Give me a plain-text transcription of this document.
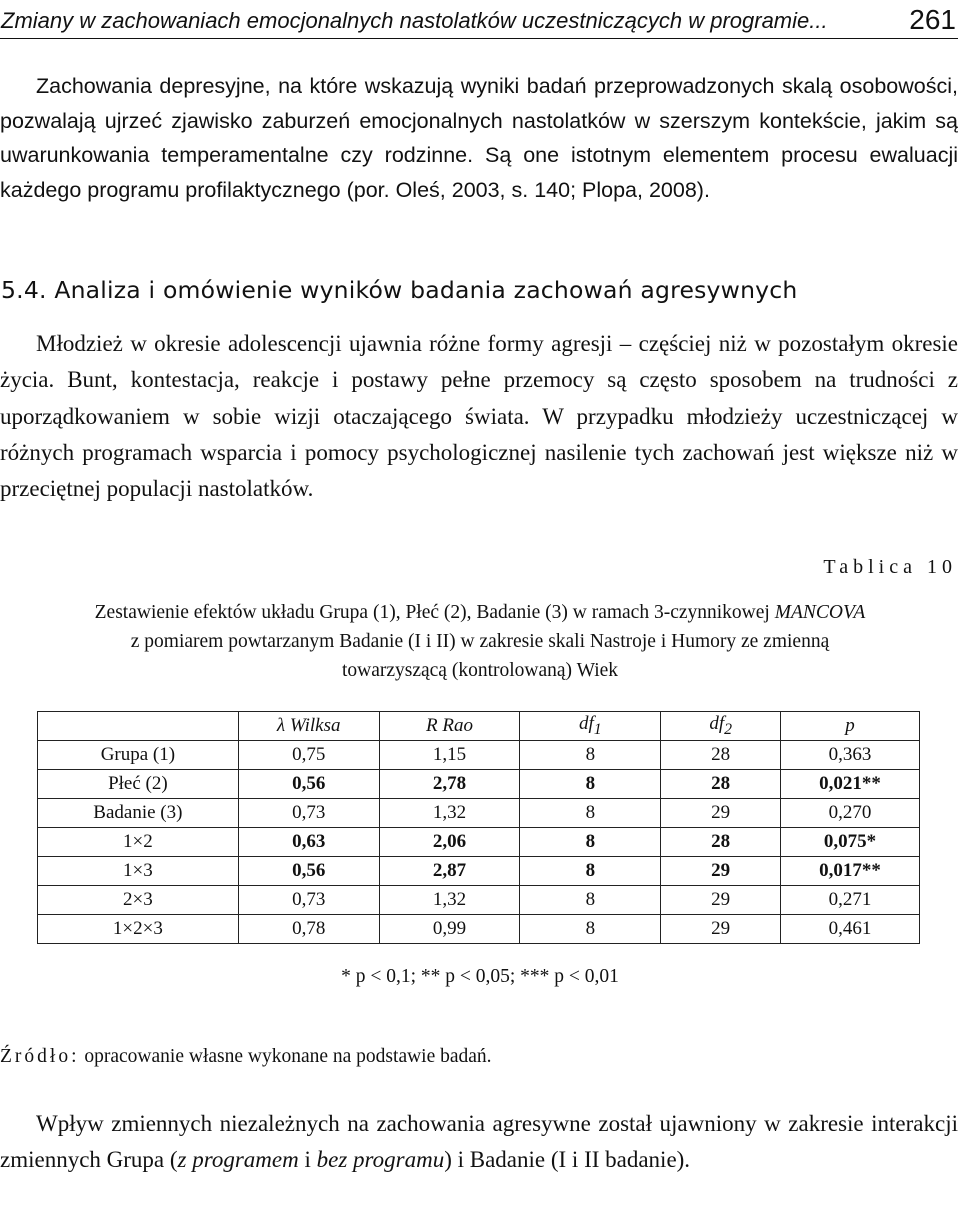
Zmiany w zachowaniach emocjonalnych nastolatków uczestniczących w programie...	261

Zachowania depresyjne, na które wskazują wyniki badań przeprowadzonych skalą osobowości, pozwalają ujrzeć zjawisko zaburzeń emocjonalnych nastolatków w szerszym kontekście, jakim są uwarunkowania temperamentalne czy rodzinne. Są one istotnym elementem procesu ewaluacji każdego programu profilaktycznego (por. Oleś, 2003, s. 140; Plopa, 2008).

5.4. Analiza i omówienie wyników badania zachowań agresywnych

Młodzież w okresie adolescencji ujawnia różne formy agresji – częściej niż w pozostałym okresie życia. Bunt, kontestacja, reakcje i postawy pełne przemocy są często sposobem na trudności z uporządkowaniem w sobie wizji otaczającego świata. W przypadku młodzieży uczestniczącej w różnych programach wsparcia i pomocy psychologicznej nasilenie tych zachowań jest większe niż w przeciętnej populacji nastolatków.

Tablica 10

Zestawienie efektów układu Grupa (1), Płeć (2), Badanie (3) w ramach 3-czynnikowej MANCOVA

z pomiarem powtarzanym Badanie (I i II) w zakresie skali Nastroje i Humory ze zmienną

towarzyszącą (kontrolowaną) Wiek

	λ Wilksa	R Rao	$df_1$	$df_2$	p
Grupa (1)	0,75	1,15	8	28	0,363
Płeć (2)	0,56	2,78	8	28	0,021**
Badanie (3)	0,73	1,32	8	29	0,270
1×2	0,63	2,06	8	28	0,075*
1×3	0,56	2,87	8	29	0,017**
2×3	0,73	1,32	8	29	0,271
1×2×3	0,78	0,99	8	29	0,461
* p < 0,1; ** p < 0,05; *** p < 0,01
Źródło: opracowanie własne wykonane na podstawie badań.

Wpływ zmiennych niezależnych na zachowania agresywne został ujawniony w zakresie interakcji zmiennych Grupa (z programem i bez programu) i Badanie (I i II badanie).
